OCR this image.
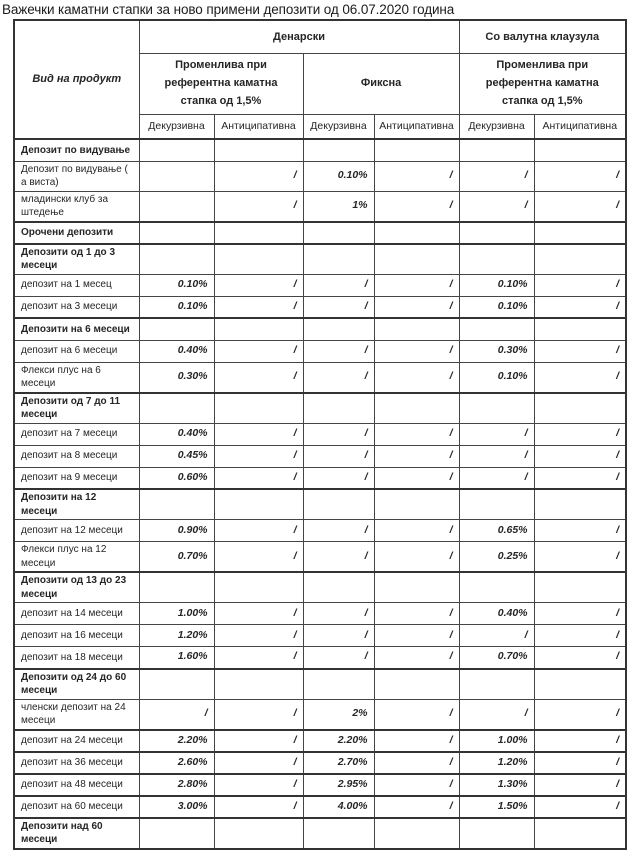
Важечки каматни стапки за ново примени депозити од 06.07.2020 година
Вид на продукт	Денарски				Со валутна клаузула	
	Променлива при референтна каматна стапка од 1,5%		Фиксна		Променлива при референтна каматна стапка од 1,5%	
	Декурзивна	Антиципативна	Декурзивна	Антиципативна	Декурзивна	Антиципативна
Депозит по видување						
Депозит по видување ( а виста)		/	0.10%	/	/	/
младински клуб за штедење		/	1%	/	/	/
Орочени депозити						
Депозити од 1 до 3 месеци						
депозит на 1 месец	0.10%	/	/	/	0.10%	/
депозит на 3 месеци	0.10%	/	/	/	0.10%	/
Депозити на 6 месеци						
депозит на 6 месеци	0.40%	/	/	/	0.30%	/
Флекси плус на 6 месеци	0.30%	/	/	/	0.10%	/
Депозити од 7 до 11 месеци						
депозит на 7 месеци	0.40%	/	/	/	/	/
депозит на 8 месеци	0.45%	/	/	/	/	/
депозит на 9 месеци	0.60%	/	/	/	/	/
Депозити на 12 месеци						
депозит на 12 месеци	0.90%	/	/	/	0.65%	/
Флекси плус на 12 месеци	0.70%	/	/	/	0.25%	/
Депозити од 13 до 23 месеци						
депозит на 14 месеци	1.00%	/	/	/	0.40%	/
депозит на 16 месеци	1.20%	/	/	/	/	/
депозит на 18 месеци	1.60%	/	/	/	0.70%	/
Депозити од 24 до 60 месеци						
членски депозит на 24 месеци	/	/	2%	/	/	/
депозит на 24 месеци	2.20%	/	2.20%	/	1.00%	/
депозит на 36 месеци	2.60%	/	2.70%	/	1.20%	/
депозит на 48 месеци	2.80%	/	2.95%	/	1.30%	/
депозит на 60 месеци	3.00%	/	4.00%	/	1.50%	/
Депозити над 60 месеци						
